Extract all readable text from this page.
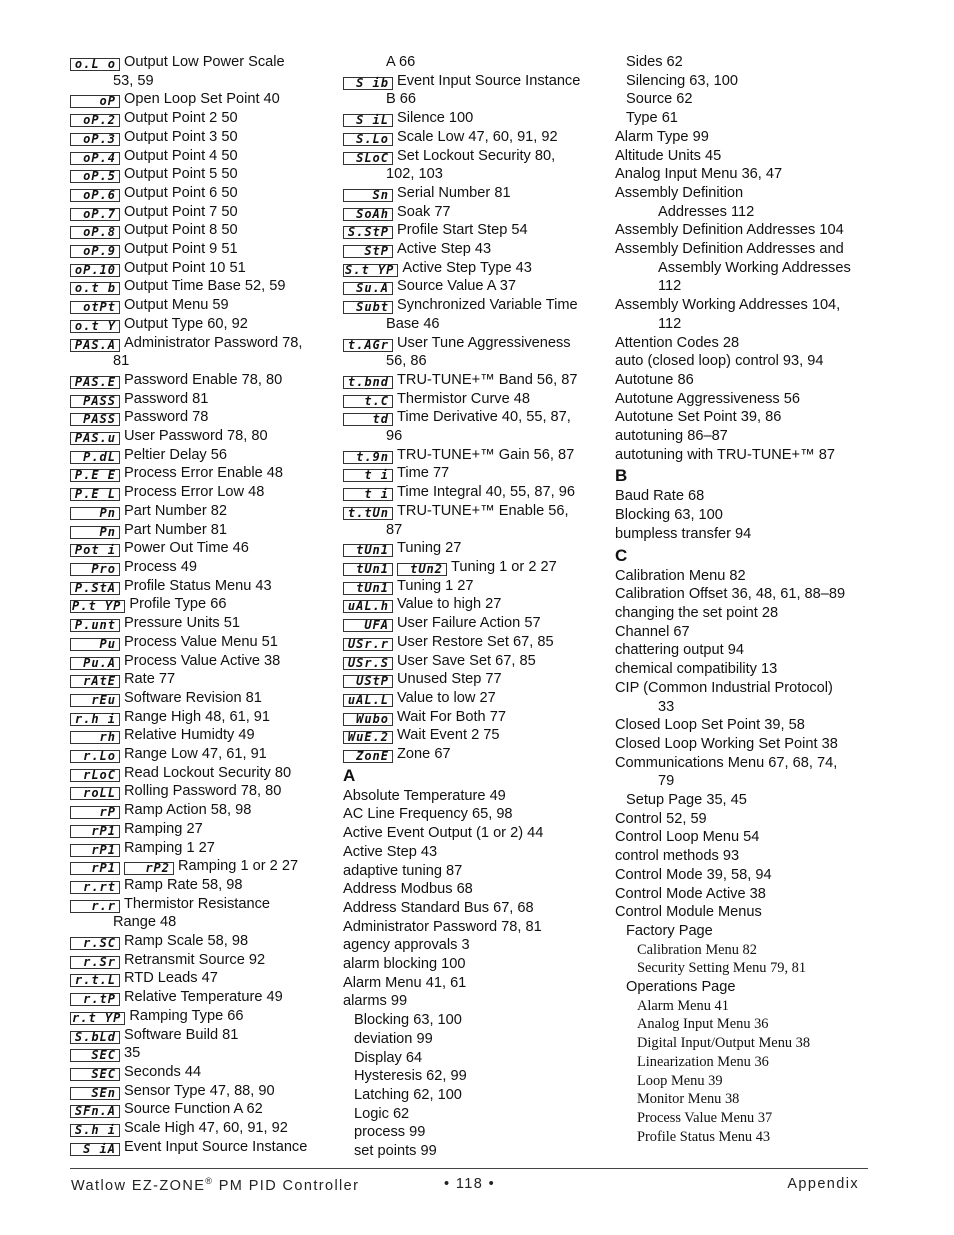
o.L o Output Low Power Scale
53, 59
oP Open Loop Set Point 40
oP.2 Output Point 2 50
oP.3 Output Point 3 50
oP.4 Output Point 4 50
oP.5 Output Point 5 50
oP.6 Output Point 6 50
oP.7 Output Point 7 50
oP.8 Output Point 8 50
oP.9 Output Point 9 51
oP.10 Output Point 10 51
o.t b Output Time Base 52, 59
otPt Output Menu 59
o.t Y Output Type 60, 92
PAS.A Administrator Password 78,
81
PAS.E Password Enable 78, 80
PASS Password 81
PASS Password 78
PAS.u User Password 78, 80
P.dL Peltier Delay 56
P.E E Process Error Enable 48
P.E L Process Error Low 48
Pn Part Number 82
Pn Part Number 81
Pot i Power Out Time 46
Pro Process 49
P.StA Profile Status Menu 43
P.t YP Profile Type 66
P.unt Pressure Units 51
Pu Process Value Menu 51
Pu.A Process Value Active 38
rAtE Rate 77
rEu Software Revision 81
r.h i Range High 48, 61, 91
rh Relative Humidty 49
r.Lo Range Low 47, 61, 91
rLoC Read Lockout Security 80
roLL Rolling Password 78, 80
rP Ramp Action 58, 98
rP1 Ramping 27
rP1 Ramping 1 27
rP1 rP2 Ramping 1 or 2 27
r.rt Ramp Rate 58, 98
r.r Thermistor Resistance
Range 48
r.SC Ramp Scale 58, 98
r.Sr Retransmit Source 92
r.t.L RTD Leads 47
r.tP Relative Temperature 49
r.t YP Ramping Type 66
S.bLd Software Build 81
SEC 35
SEC Seconds 44
SEn Sensor Type 47, 88, 90
SFn.A Source Function A 62
S.h i Scale High 47, 60, 91, 92
S iA Event Input Source Instance
A 66
S ib Event Input Source Instance
B 66
S iL Silence 100
S.Lo Scale Low 47, 60, 91, 92
SLoC Set Lockout Security 80,
102, 103
Sn Serial Number 81
SoAh Soak 77
S.StP Profile Start Step 54
StP Active Step 43
S.t YP Active Step Type 43
Su.A Source Value A 37
Subt Synchronized Variable Time
Base 46
t.AGr User Tune Aggressiveness
56, 86
t.bnd TRU-TUNE+™ Band 56, 87
t.C Thermistor Curve 48
td Time Derivative 40, 55, 87,
96
t.9n TRU-TUNE+™ Gain 56, 87
t i Time 77
t i Time Integral 40, 55, 87, 96
t.tUn TRU-TUNE+™ Enable 56,
87
tUn1 Tuning 27
tUn1 tUn2 Tuning 1 or 2 27
tUn1 Tuning 1 27
uAL.h Value to high 27
UFA User Failure Action 57
USr.r User Restore Set 67, 85
USr.S User Save Set 67, 85
UStP Unused Step 77
uAL.L Value to low 27
Wubo Wait For Both 77
WuE.2 Wait Event 2 75
ZonE Zone 67
A
Absolute Temperature 49
AC Line Frequency 65, 98
Active Event Output (1 or 2) 44
Active Step 43
adaptive tuning 87
Address Modbus 68
Address Standard Bus 67, 68
Administrator Password 78, 81
agency approvals 3
alarm blocking 100
Alarm Menu 41, 61
alarms 99
Blocking 63, 100
deviation 99
Display 64
Hysteresis 62, 99
Latching 62, 100
Logic 62
process 99
set points 99
Sides 62
Silencing 63, 100
Source 62
Type 61
Alarm Type 99
Altitude Units 45
Analog Input Menu 36, 47
Assembly Definition
Addresses 112
Assembly Definition Addresses 104
Assembly Definition Addresses and
Assembly Working Addresses
112
Assembly Working Addresses 104,
112
Attention Codes 28
auto (closed loop) control 93, 94
Autotune 86
Autotune Aggressiveness 56
Autotune Set Point 39, 86
autotuning 86–87
autotuning with TRU-TUNE+™ 87
B
Baud Rate 68
Blocking 63, 100
bumpless transfer 94
C
Calibration Menu 82
Calibration Offset 36, 48, 61, 88–89
changing the set point 28
Channel 67
chattering output 94
chemical compatibility 13
CIP (Common Industrial Protocol)
33
Closed Loop Set Point 39, 58
Closed Loop Working Set Point 38
Communications Menu 67, 68, 74,
79
Setup Page 35, 45
Control 52, 59
Control Loop Menu 54
control methods 93
Control Mode 39, 58, 94
Control Mode Active 38
Control Module Menus
Factory Page
Calibration Menu 82
Security Setting Menu 79, 81
Operations Page
Alarm Menu 41
Analog Input Menu 36
Digital Input/Output Menu 38
Linearization Menu 36
Loop Menu 39
Monitor Menu 38
Process Value Menu 37
Profile Status Menu 43
Watlow EZ-ZONE® PM PID Controller	• 118 •	Appendix
